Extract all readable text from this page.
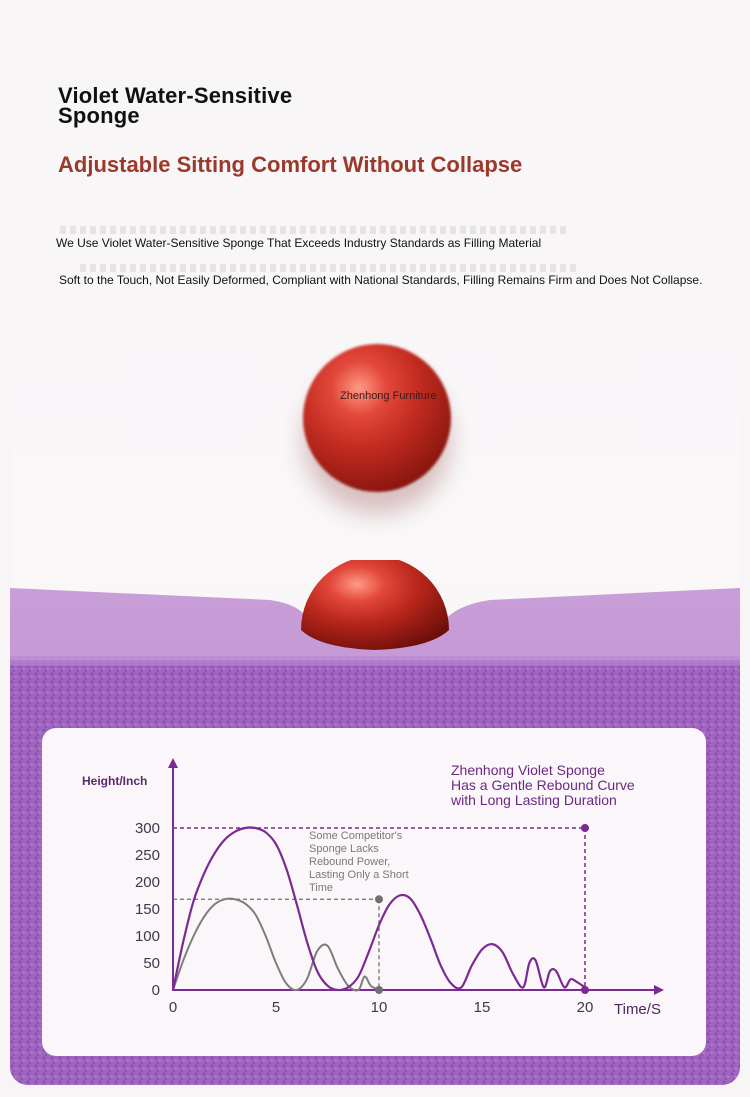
Violet Water-Sensitive Sponge
Adjustable Sitting Comfort Without Collapse
We Use Violet Water-Sensitive Sponge That Exceeds Industry Standards as Filling Material
Soft to the Touch, Not Easily Deformed, Compliant with National Standards, Filling Remains Firm and Does Not Collapse.
Zhenhong Furniture
0
50
100
150
200
250
300
0	5	10	15	20
Height/Inch
Time/S
Zhenhong Violet Sponge Has a Gentle Rebound Curve with Long Lasting Duration
Some Competitor's Sponge Lacks Rebound Power, Lasting Only a Short Time
